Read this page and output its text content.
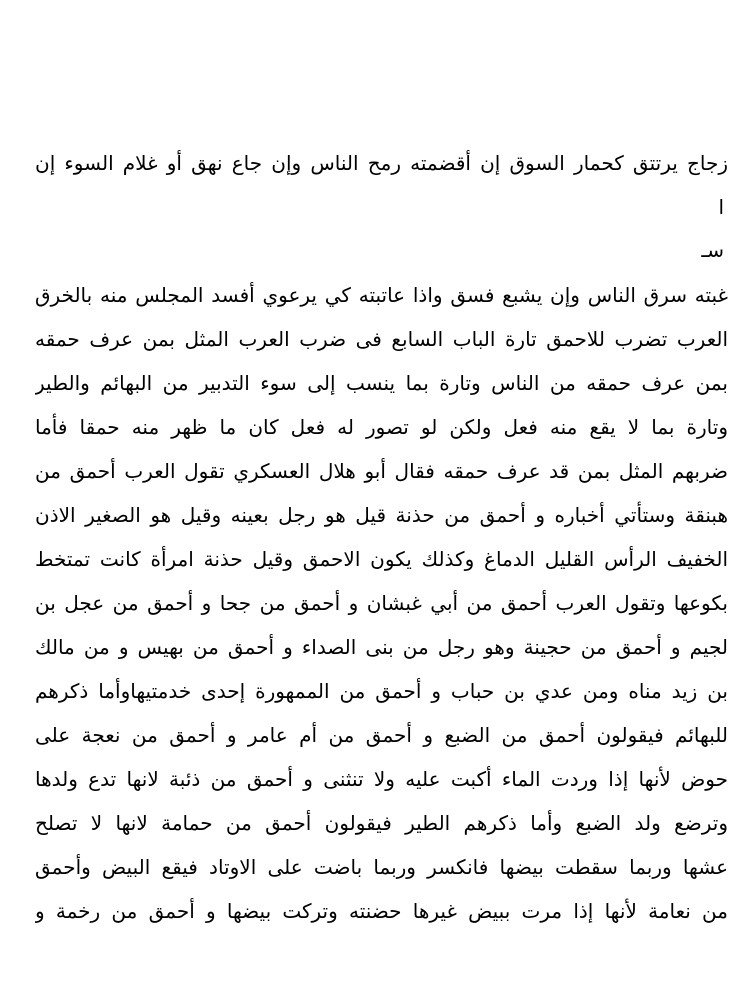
زجاج يرتتق كحمار السوق إن أقضمته رمح الناس وإن جاع نهق أو غلام السوء إن
ا
سـ
غبته سرق الناس وإن يشبع فسق واذا عاتبته كي يرعوي أفسد المجلس منه بالخرق
العرب تضرب للاحمق تارة الباب السابع فى ضرب العرب المثل بمن عرف حمقه
بمن عرف حمقه من الناس وتارة بما ينسب إلى سوء التدبير من البهائم والطير
وتارة بما لا يقع منه فعل ولكن لو تصور له فعل كان ما ظهر منه حمقا فأما
ضربهم المثل بمن قد عرف حمقه فقال أبو هلال العسكري تقول العرب أحمق من
هبنقة وستأتي أخباره و أحمق من حذنة قيل هو رجل بعينه وقيل هو الصغير الاذن
الخفيف الرأس القليل الدماغ وكذلك يكون الاحمق وقيل حذنة امرأة كانت تمتخط
بكوعها وتقول العرب أحمق من أبي غبشان و أحمق من جحا و أحمق من عجل بن
لجيم و أحمق من حجينة وهو رجل من بنى الصداء و أحمق من بهيس و من مالك
بن زيد مناه ومن عدي بن حباب و أحمق من الممهورة إحدى خدمتيهاوأما ذكرهم
للبهائم فيقولون أحمق من الضبع و أحمق من أم عامر و أحمق من نعجة على
حوض لأنها إذا وردت الماء أكبت عليه ولا تنثنى و أحمق من ذئبة لانها تدع ولدها
وترضع ولد الضبع وأما ذكرهم الطير فيقولون أحمق من حمامة لانها لا تصلح
عشها وربما سقطت بيضها فانكسر وربما باضت على الاوتاد فيقع البيض وأحمق
من نعامة لأنها إذا مرت ببيض غيرها حضنته وتركت بيضها و أحمق من رخمة و
